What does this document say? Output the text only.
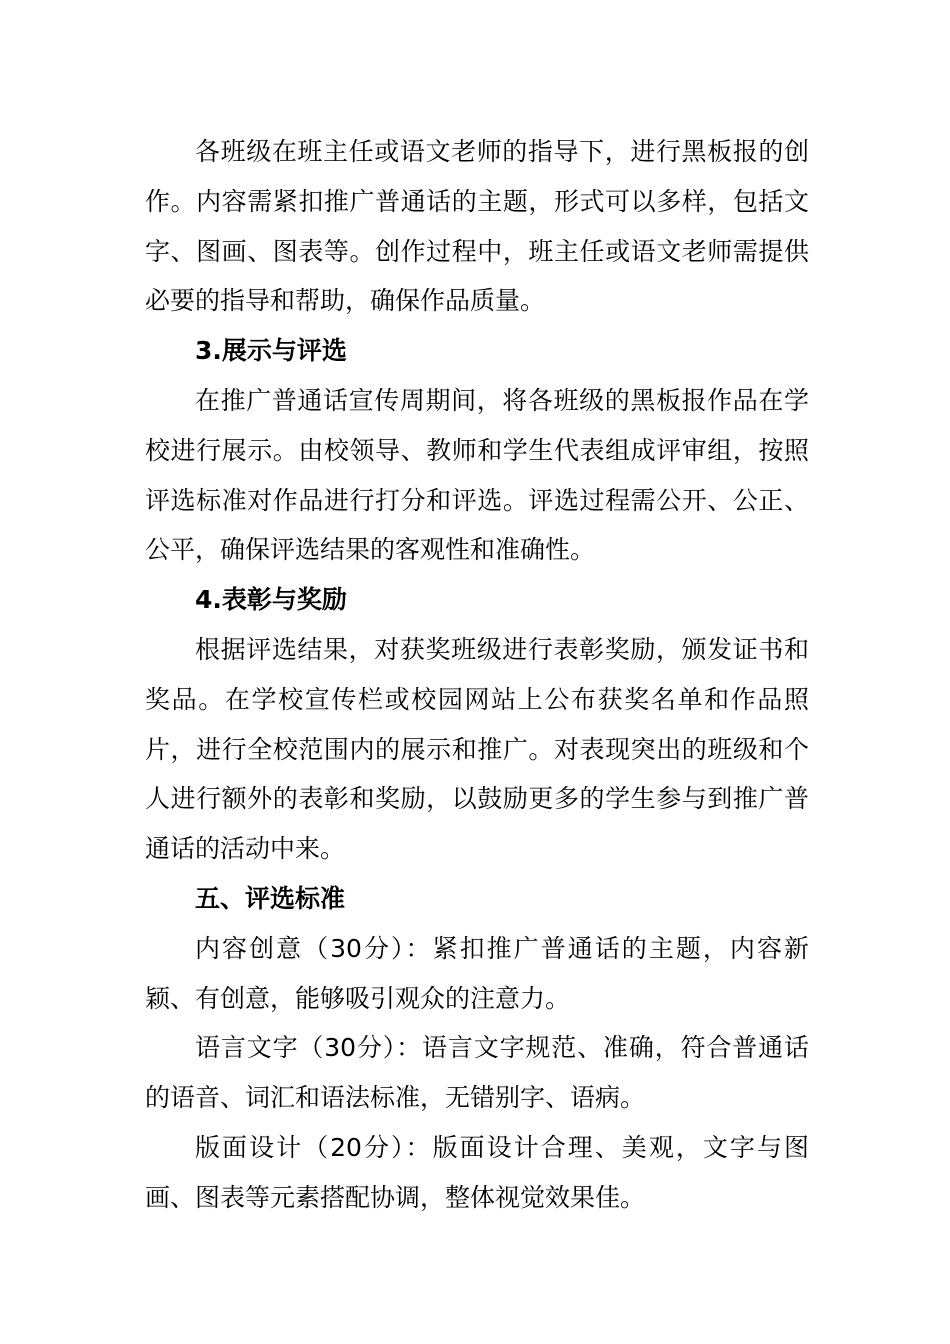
各班级在班主任或语文老师的指导下，进行黑板报的创作。内容需紧扣推广普通话的主题，形式可以多样，包括文字、图画、图表等。创作过程中，班主任或语文老师需提供必要的指导和帮助，确保作品质量。

3.展示与评选

在推广普通话宣传周期间，将各班级的黑板报作品在学校进行展示。由校领导、教师和学生代表组成评审组，按照评选标准对作品进行打分和评选。评选过程需公开、公正、公平，确保评选结果的客观性和准确性。

4.表彰与奖励

根据评选结果，对获奖班级进行表彰奖励，颁发证书和奖品。在学校宣传栏或校园网站上公布获奖名单和作品照片，进行全校范围内的展示和推广。对表现突出的班级和个人进行额外的表彰和奖励，以鼓励更多的学生参与到推广普通话的活动中来。

五、评选标准

内容创意（30分）：紧扣推广普通话的主题，内容新颖、有创意，能够吸引观众的注意力。

语言文字（30分）：语言文字规范、准确，符合普通话的语音、词汇和语法标准，无错别字、语病。

版面设计（20分）：版面设计合理、美观，文字与图画、图表等元素搭配协调，整体视觉效果佳。
